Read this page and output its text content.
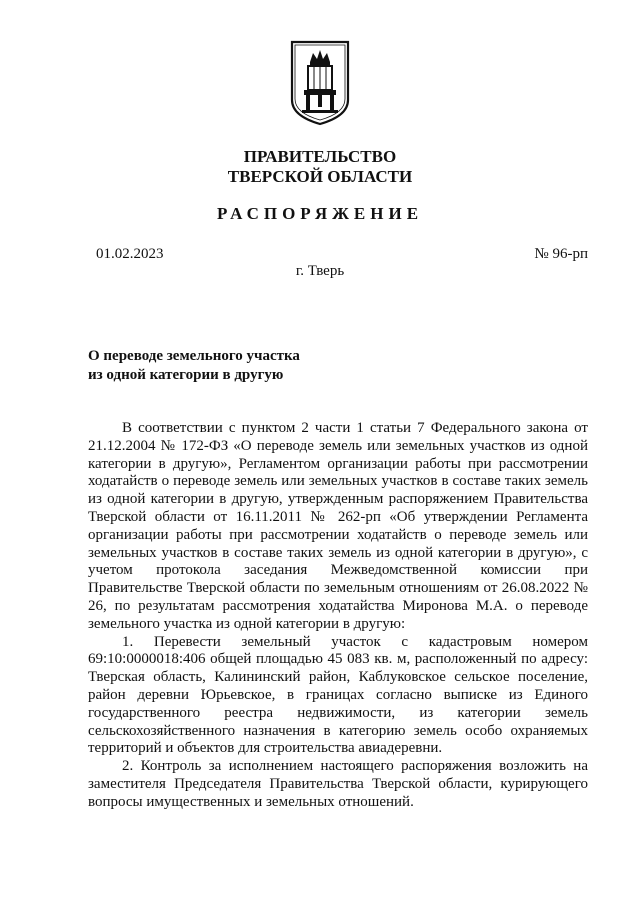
ПРАВИТЕЛЬСТВО
ТВЕРСКОЙ ОБЛАСТИ
РАСПОРЯЖЕНИЕ
01.02.2023	№ 96-рп
г. Тверь
О переводе земельного участка
из одной категории в другую

В соответствии с пунктом 2 части 1 статьи 7 Федерального закона от 21.12.2004 № 172-ФЗ «О переводе земель или земельных участков из одной категории в другую», Регламентом организации работы при рассмотрении ходатайств о переводе земель или земельных участков в составе таких земель из одной категории в другую, утвержденным распоряжением Правительства Тверской области от 16.11.2011 № 262-рп «Об утверждении Регламента организации работы при рассмотрении ходатайств о переводе земель или земельных участков в составе таких земель из одной категории в другую», с учетом протокола заседания Межведомственной комиссии при Правительстве Тверской области по земельным отношениям от 26.08.2022 № 26, по результатам рассмотрения ходатайства Миронова М.А. о переводе земельного участка из одной категории в другую:

1. Перевести земельный участок с кадастровым номером 69:10:0000018:406 общей площадью 45 083 кв. м, расположенный по адресу: Тверская область, Калининский район, Каблуковское сельское поселение, район деревни Юрьевское, в границах согласно выписке из Единого государственного реестра недвижимости, из категории земель сельскохозяйственного назначения в категорию земель особо охраняемых территорий и объектов для строительства авиадеревни.

2. Контроль за исполнением настоящего распоряжения возложить на заместителя Председателя Правительства Тверской области, курирующего вопросы имущественных и земельных отношений.
